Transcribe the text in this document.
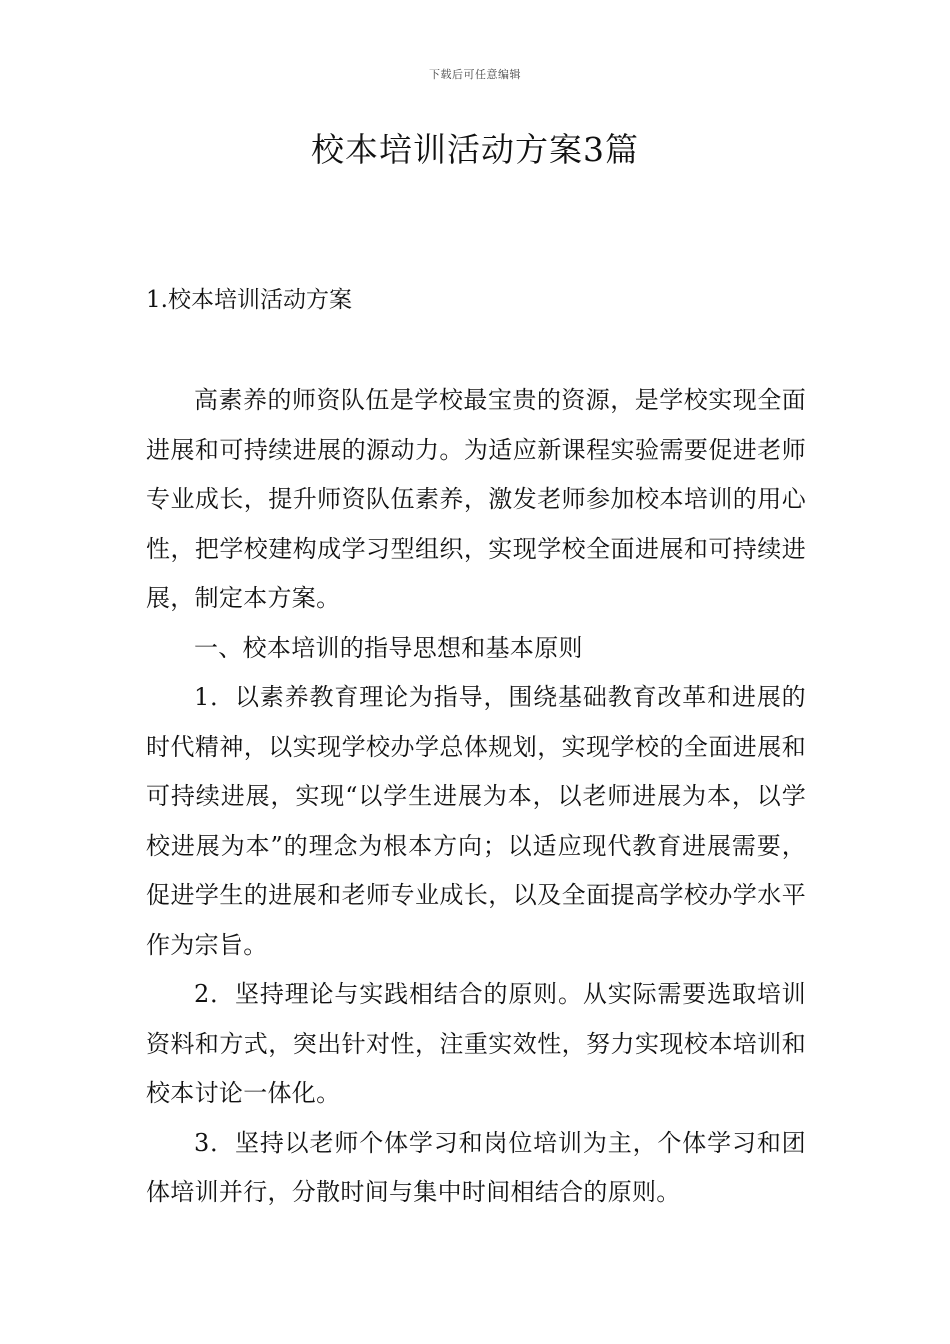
下载后可任意编辑
校本培训活动方案3篇
1.校本培训活动方案

高素养的师资队伍是学校最宝贵的资源，是学校实现全面进展和可持续进展的源动力。为适应新课程实验需要促进老师专业成长，提升师资队伍素养，激发老师参加校本培训的用心性，把学校建构成学习型组织，实现学校全面进展和可持续进展，制定本方案。

一、校本培训的指导思想和基本原则

1．以素养教育理论为指导，围绕基础教育改革和进展的时代精神，以实现学校办学总体规划，实现学校的全面进展和可持续进展，实现“以学生进展为本，以老师进展为本，以学校进展为本”的理念为根本方向；以适应现代教育进展需要，促进学生的进展和老师专业成长，以及全面提高学校办学水平作为宗旨。

2．坚持理论与实践相结合的原则。从实际需要选取培训资料和方式，突出针对性，注重实效性，努力实现校本培训和校本讨论一体化。

3．坚持以老师个体学习和岗位培训为主，个体学习和团体培训并行，分散时间与集中时间相结合的原则。
